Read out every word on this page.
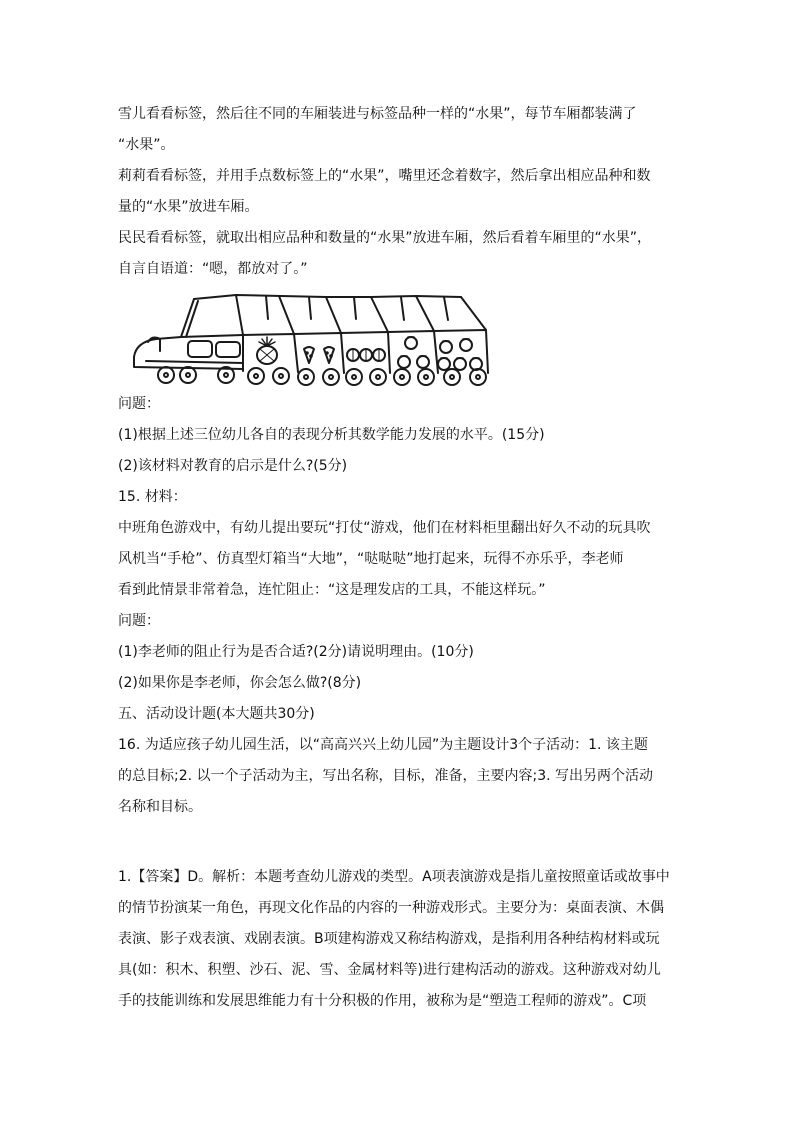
雪儿看看标签，然后往不同的车厢装进与标签品种一样的“水果”，每节车厢都装满了
“水果”。
莉莉看看标签，并用手点数标签上的“水果”，嘴里还念着数字，然后拿出相应品种和数
量的“水果”放进车厢。
民民看看标签，就取出相应品种和数量的“水果”放进车厢，然后看着车厢里的“水果”，
自言自语道：“嗯，都放对了。”
问题：
(1)根据上述三位幼儿各自的表现分析其数学能力发展的水平。(15分)
(2)该材料对教育的启示是什么?(5分)
15. 材料：
中班角色游戏中，有幼儿提出要玩“打仗“游戏，他们在材料柜里翻出好久不动的玩具吹
风机当“手枪”、仿真型灯箱当“大地”，“哒哒哒”地打起来，玩得不亦乐乎，李老师
看到此情景非常着急，连忙阻止：“这是理发店的工具，不能这样玩。”
问题：
(1)李老师的阻止行为是否合适?(2分)请说明理由。(10分)
(2)如果你是李老师，你会怎么做?(8分)
五、活动设计题(本大题共30分)
16. 为适应孩子幼儿园生活，以“高高兴兴上幼儿园”为主题设计3个子活动：1. 该主题
的总目标;2. 以一个子活动为主，写出名称，目标，准备，主要内容;3. 写出另两个活动
名称和目标。
1.【答案】D。解析：本题考查幼儿游戏的类型。A项表演游戏是指儿童按照童话或故事中
的情节扮演某一角色，再现文化作品的内容的一种游戏形式。主要分为：桌面表演、木偶
表演、影子戏表演、戏剧表演。B项建构游戏又称结构游戏，是指利用各种结构材料或玩
具(如：积木、积塑、沙石、泥、雪、金属材料等)进行建构活动的游戏。这种游戏对幼儿
手的技能训练和发展思维能力有十分积极的作用，被称为是“塑造工程师的游戏”。C项
